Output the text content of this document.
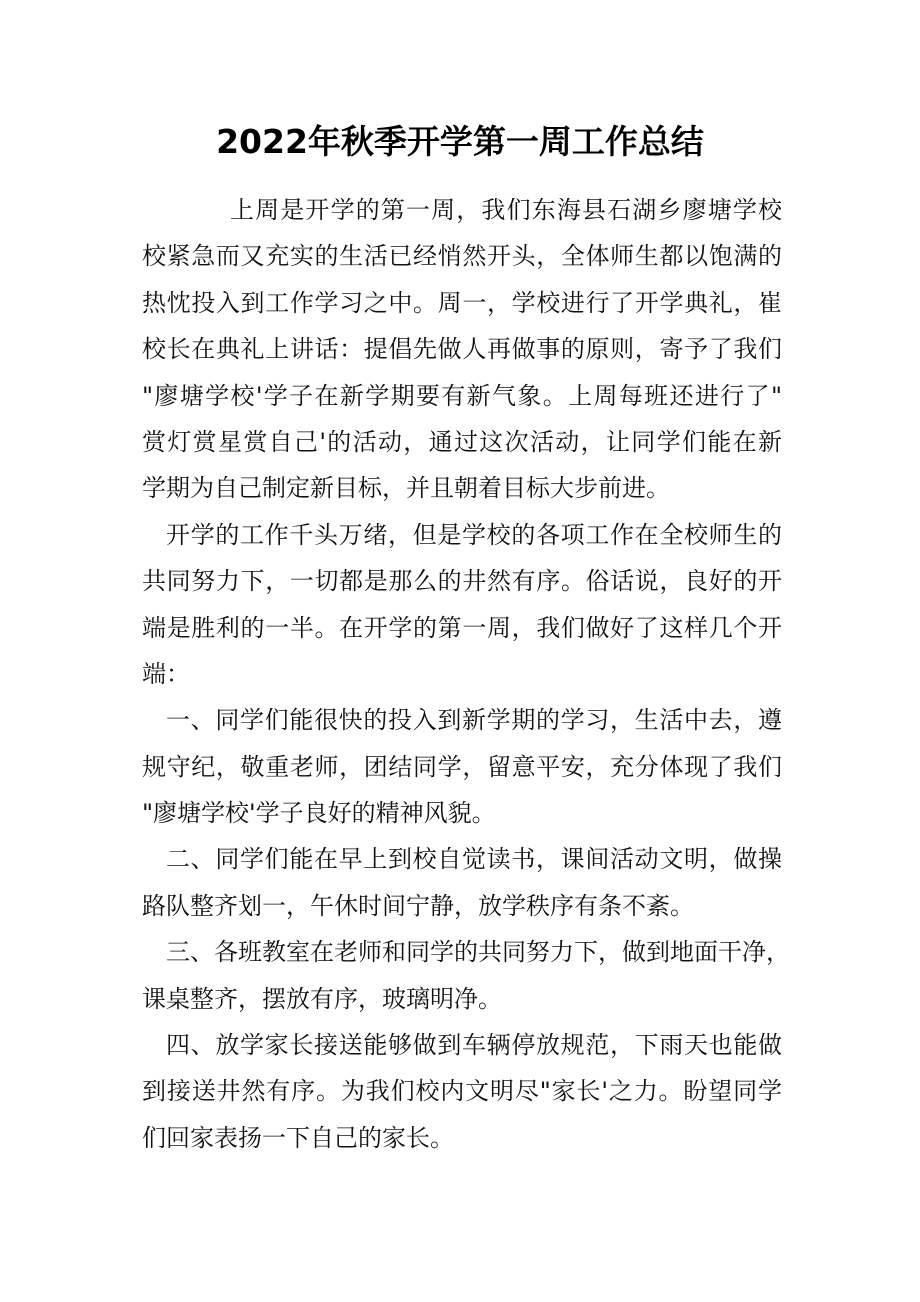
2022年秋季开学第一周工作总结
上周是开学的第一周，我们东海县石湖乡廖塘学校
校紧急而又充实的生活已经悄然开头，全体师生都以饱满的
热忱投入到工作学习之中。周一，学校进行了开学典礼，崔
校长在典礼上讲话：提倡先做人再做事的原则，寄予了我们
"廖塘学校'学子在新学期要有新气象。上周每班还进行了"
赏灯赏星赏自己'的活动，通过这次活动，让同学们能在新
学期为自己制定新目标，并且朝着目标大步前进。
开学的工作千头万绪，但是学校的各项工作在全校师生的
共同努力下，一切都是那么的井然有序。俗话说，良好的开
端是胜利的一半。在开学的第一周，我们做好了这样几个开
端：
一、同学们能很快的投入到新学期的学习，生活中去，遵
规守纪，敬重老师，团结同学，留意平安，充分体现了我们
"廖塘学校'学子良好的精神风貌。
二、同学们能在早上到校自觉读书，课间活动文明，做操
路队整齐划一，午休时间宁静，放学秩序有条不紊。
三、各班教室在老师和同学的共同努力下，做到地面干净，
课桌整齐，摆放有序，玻璃明净。
四、放学家长接送能够做到车辆停放规范，下雨天也能做
到接送井然有序。为我们校内文明尽"家长'之力。盼望同学
们回家表扬一下自己的家长。
